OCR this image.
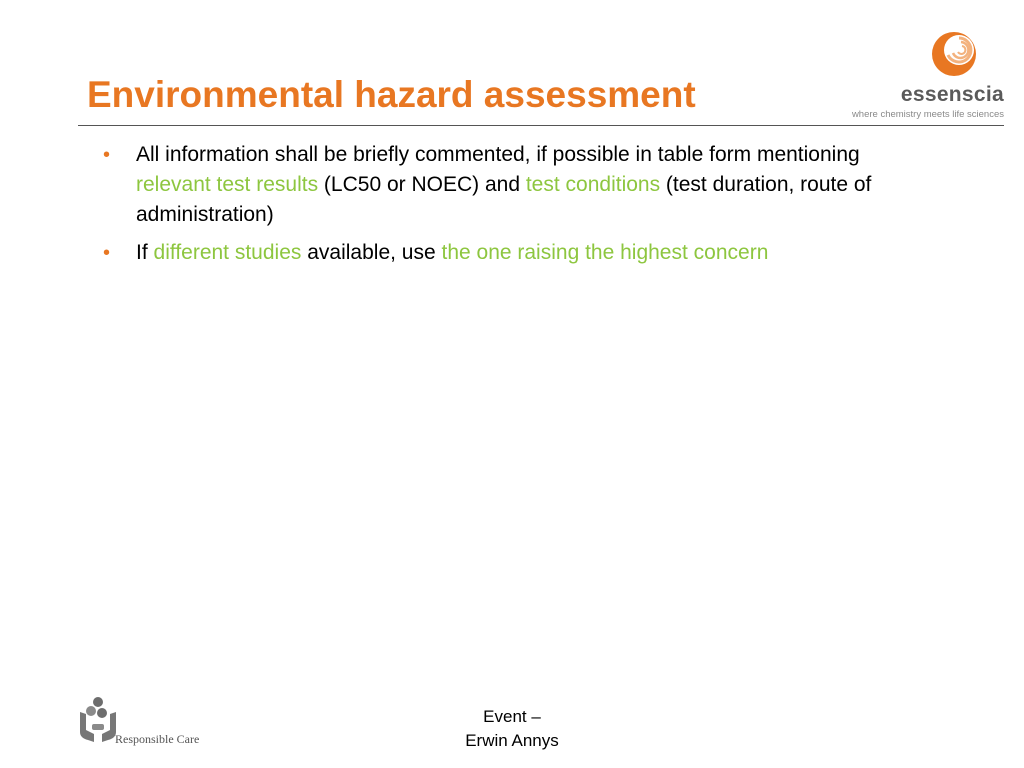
Environmental hazard assessment	essenscia
where chemistry meets life sciences
• All information shall be briefly commented, if possible in table form mentioning relevant test results (LC50 or NOEC) and test conditions (test duration, route of administration)
• If different studies available, use the one raising the highest concern
Responsible Care
Event –
Erwin Annys
